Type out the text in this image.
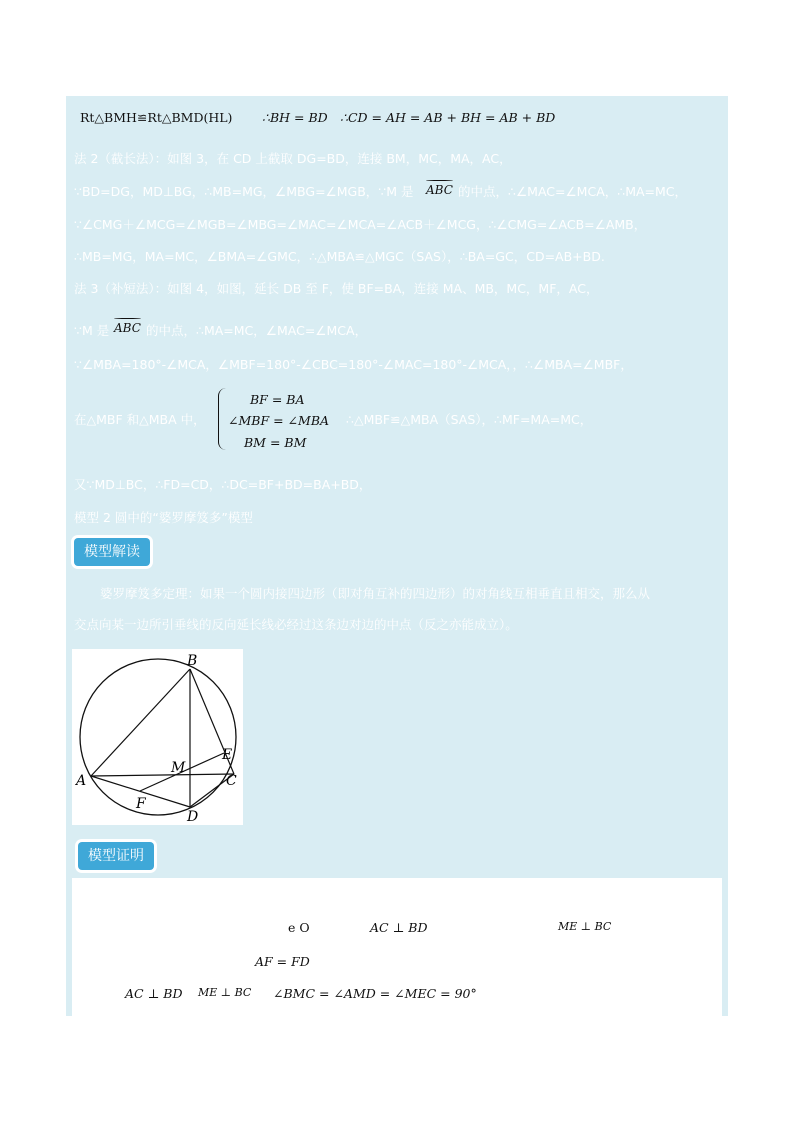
Rt△BMH≌Rt△BMD(HL) ∴BH = BD ∴CD = AH = AB + BH = AB + BD
法 2（截长法）：如图 3，在 CD 上截取 DG=BD，连接 BM，MC，MA，AC，
∵BD=DG，MD⊥BG，∴MB=MG，∠MBG=∠MGB，∵M 是 ABC 的中点，∴∠MAC=∠MCA，∴MA=MC，
∵∠CMG＋∠MCG=∠MGB=∠MBG=∠MAC=∠MCA=∠ACB＋∠MCG，∴∠CMG=∠ACB=∠AMB，
∴MB=MG，MA=MC，∠BMA=∠GMC，∴△MBA≌△MGC（SAS），∴BA=GC，CD=AB+BD.
法 3（补短法）：如图 4，如图，延长 DB 至 F，使 BF=BA，连接 MA、MB，MC，MF，AC，
∵M 是 ABC 的中点，∴MA=MC，∠MAC=∠MCA，
∵∠MBA=180°-∠MCA，∠MBF=180°-∠CBC=180°-∠MAC=180°-∠MCA，，∴∠MBA=∠MBF，
在△MBF 和△MBA 中，
BF = BA
∠MBF = ∠MBA
BM = BM
∴△MBF≌△MBA（SAS），∴MF=MA=MC，
又∵MD⊥BC，∴FD=CD，∴DC=BF+BD=BA+BD，
模型 2 圆中的“婆罗摩笈多”模型
模型解读
婆罗摩笈多定理：如果一个圆内接四边形（即对角互补的四边形）的对角线互相垂直且相交，那么从
交点向某一边所引垂线的反向延长线必经过这条边对边的中点（反之亦能成立）。
B
A
M
E
C
F
D
模型证明
e O	AC ⊥ BD	ME ⊥ BC
AF = FD
AC ⊥ BD ME ⊥ BC ∠BMC = ∠AMD = ∠MEC = 90°
